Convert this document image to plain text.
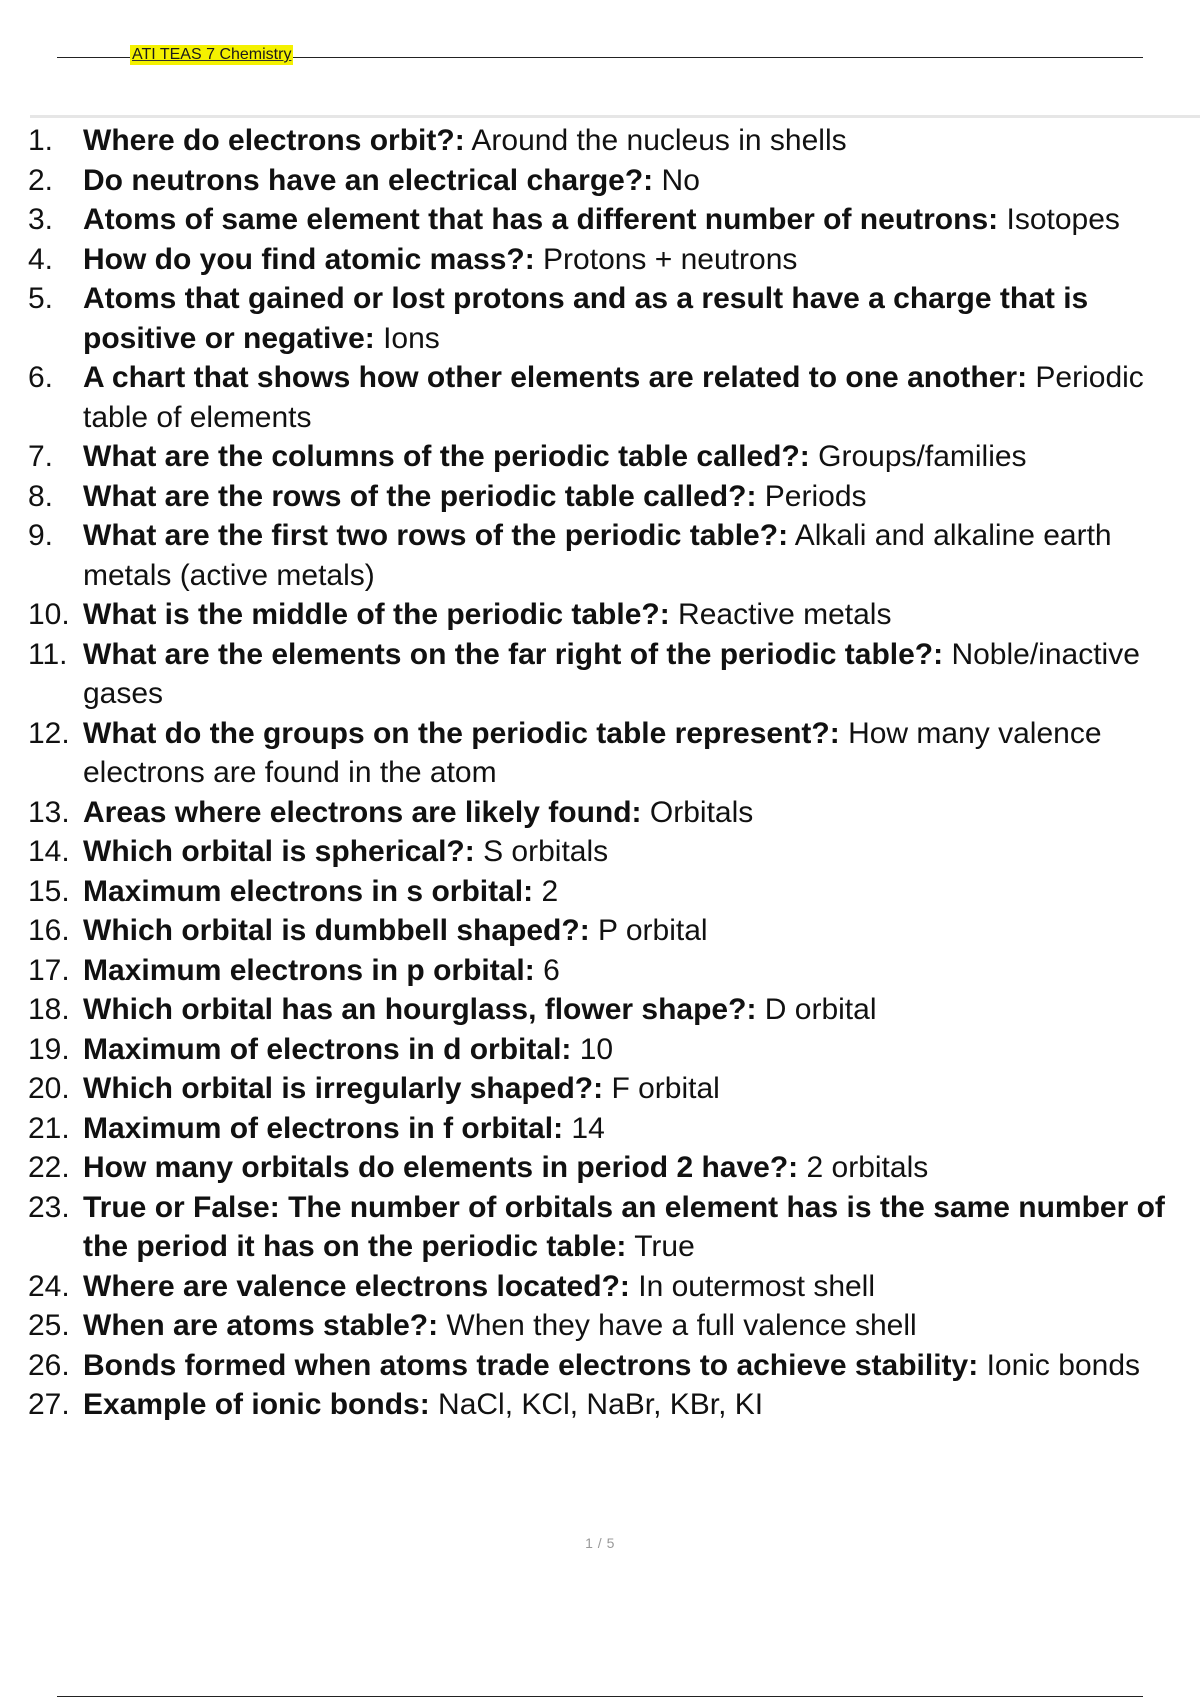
ATI TEAS 7 Chemistry
1. Where do electrons orbit?: Around the nucleus in shells
2. Do neutrons have an electrical charge?: No
3. Atoms of same element that has a different number of neutrons: Isotopes
4. How do you find atomic mass?: Protons + neutrons
5. Atoms that gained or lost protons and as a result have a charge that is positive or negative: Ions
6. A chart that shows how other elements are related to one another: Periodic table of elements
7. What are the columns of the periodic table called?: Groups/families
8. What are the rows of the periodic table called?: Periods
9. What are the first two rows of the periodic table?: Alkali and alkaline earth metals (active metals)
10. What is the middle of the periodic table?: Reactive metals
11. What are the elements on the far right of the periodic table?: Noble/inactive gases
12. What do the groups on the periodic table represent?: How many valence electrons are found in the atom
13. Areas where electrons are likely found: Orbitals
14. Which orbital is spherical?: S orbitals
15. Maximum electrons in s orbital: 2
16. Which orbital is dumbbell shaped?: P orbital
17. Maximum electrons in p orbital: 6
18. Which orbital has an hourglass, flower shape?: D orbital
19. Maximum of electrons in d orbital: 10
20. Which orbital is irregularly shaped?: F orbital
21. Maximum of electrons in f orbital: 14
22. How many orbitals do elements in period 2 have?: 2 orbitals
23. True or False: The number of orbitals an element has is the same number of the period it has on the periodic table: True
24. Where are valence electrons located?: In outermost shell
25. When are atoms stable?: When they have a full valence shell
26. Bonds formed when atoms trade electrons to achieve stability: Ionic bonds
27. Example of ionic bonds: NaCl, KCl, NaBr, KBr, KI
1 / 5
